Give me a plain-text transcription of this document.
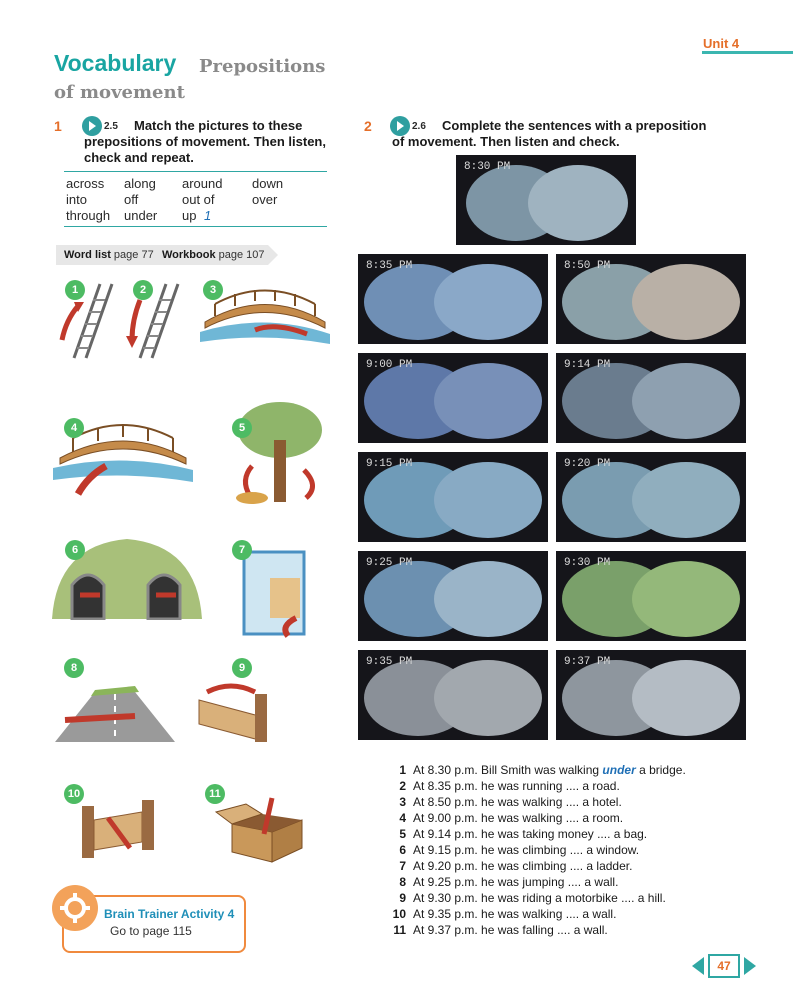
Unit 4
Vocabulary Prepositions
of movement
1	2.5	Match the pictures to these prepositions of movement. Then listen, check and repeat.
across along around down
into	off	out of	over
through under up 1
Word list page 77 Workbook page 107
1	2	3
4	5
6	7
8	9
10	11
2	2.6	Complete the sentences with a preposition of movement. Then listen and check.
8:30 PM
8:35 PM	8:50 PM
9:00 PM	9:14 PM
9:15 PM	9:20 PM
9:25 PM	9:30 PM
9:35 PM	9:37 PM
1 At 8.30 p.m. Bill Smith was walking under a bridge.
2 At 8.35 p.m. he was running .... a road.
3 At 8.50 p.m. he was walking .... a hotel.
4 At 9.00 p.m. he was walking .... a room.
5 At 9.14 p.m. he was taking money .... a bag.
6 At 9.15 p.m. he was climbing .... a window.
7 At 9.20 p.m. he was climbing .... a ladder.
8 At 9.25 p.m. he was jumping .... a wall.
9 At 9.30 p.m. he was riding a motorbike .... a hill.
10 At 9.35 p.m. he was walking .... a wall.
11 At 9.37 p.m. he was falling .... a wall.
Brain Trainer Activity 4
Go to page 115
47
